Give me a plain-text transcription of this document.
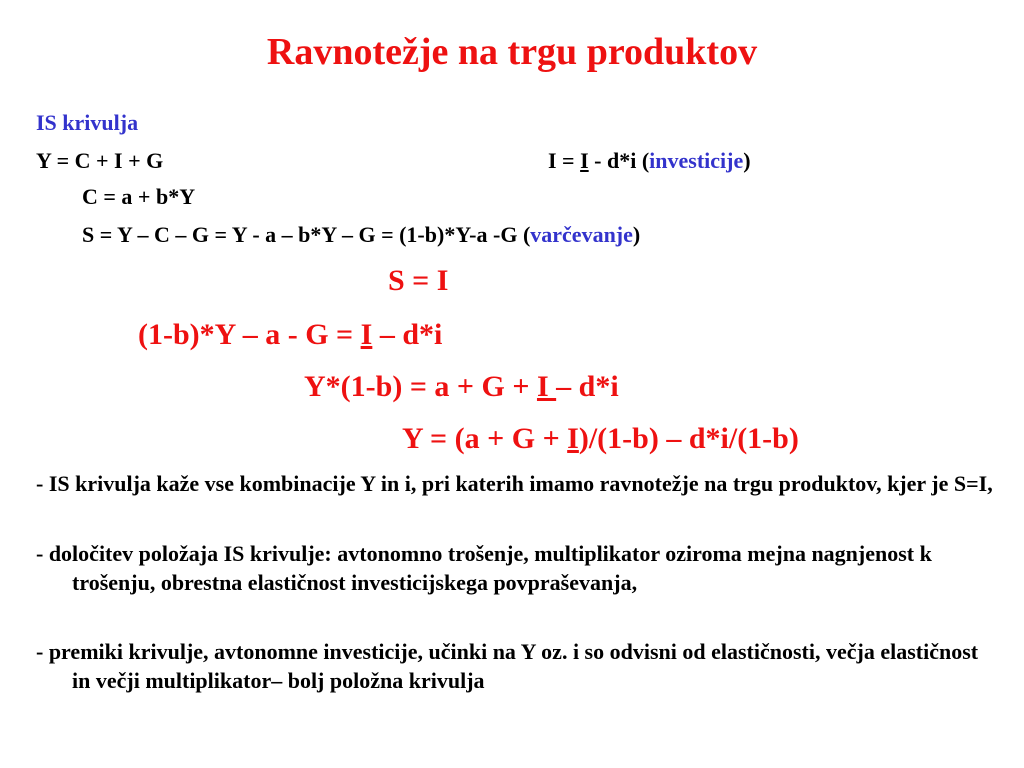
Ravnotežje na trgu produktov
IS krivulja
Y = C + I + G	I = I - d*i (investicije)
C = a + b*Y
S = Y – C – G = Y - a – b*Y – G = (1-b)*Y-a -G (varčevanje)
S = I
(1-b)*Y – a - G = I – d*i
Y*(1-b) = a + G + I – d*i
Y = (a + G + I)/(1-b) – d*i/(1-b)
- IS krivulja kaže vse kombinacije Y in i, pri katerih imamo ravnotežje na trgu produktov, kjer je S=I,
- določitev položaja IS krivulje: avtonomno trošenje, multiplikator oziroma mejna nagnjenost k trošenju, obrestna elastičnost investicijskega povpraševanja,
- premiki krivulje, avtonomne investicije, učinki na Y oz. i so odvisni od elastičnosti, večja elastičnost in večji multiplikator– bolj položna krivulja
